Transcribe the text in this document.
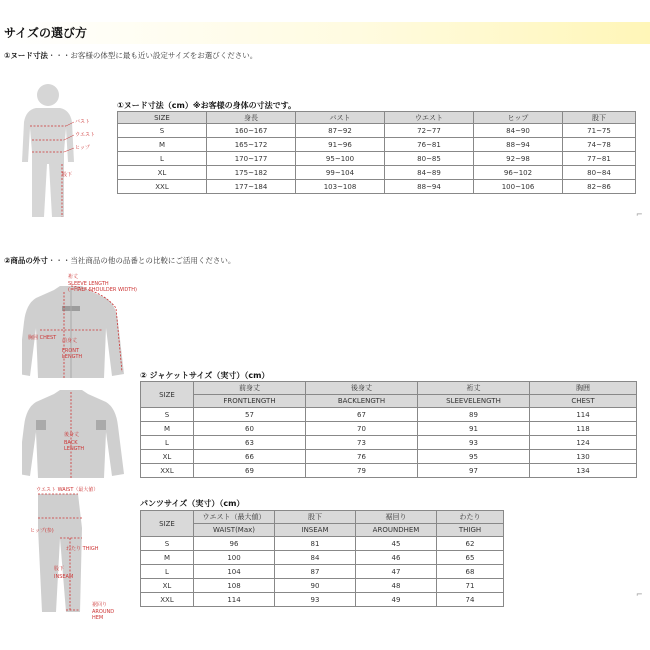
サイズの選び方
①ヌード寸法・・・お客様の体型に最も近い設定サイズをお選びください。
バスト
ウエスト
ヒップ
股下
①ヌード寸法（cm）※お客様の身体の寸法です。
SIZE	身長	バスト	ウエスト	ヒップ	股下
S	160~167	87~92	72~77	84~90	71~75
M	165~172	91~96	76~81	88~94	74~78
L	170~177	95~100	80~85	92~98	77~81
XL	175~182	99~104	84~89	96~102	80~84
XXL	177~184	103~108	88~94	100~106	82~86
②商品の外寸・・・当社商品の他の品番との比較にご活用ください。
裄丈
SLEEVE LENGTH
(=HALF SHOULDER WIDTH)
前身丈
FRONT
LENGTH
胸囲 CHEST
後身丈
BACK
LENGTH
② ジャケットサイズ（実寸）（cm）
SIZE	前身丈	後身丈	裄丈	胸囲
	FRONTLENGTH	BACKLENGTH	SLEEVELENGTH	CHEST
S	57	67	89	114
M	60	70	91	118
L	63	73	93	124
XL	66	76	95	130
XXL	69	79	97	134
ウエスト WAIST（最大値）
ヒップ(参)
わたり THIGH
股下
INSEAM
裾回り
AROUND
HEM
パンツサイズ（実寸）（cm）
SIZE	ウエスト（最大値）	股下	裾回り	わたり
	WAIST(Max)	INSEAM	AROUNDHEM	THIGH
S	96	81	45	62
M	100	84	46	65
L	104	87	47	68
XL	108	90	48	71
XXL	114	93	49	74
⌐
⌐
